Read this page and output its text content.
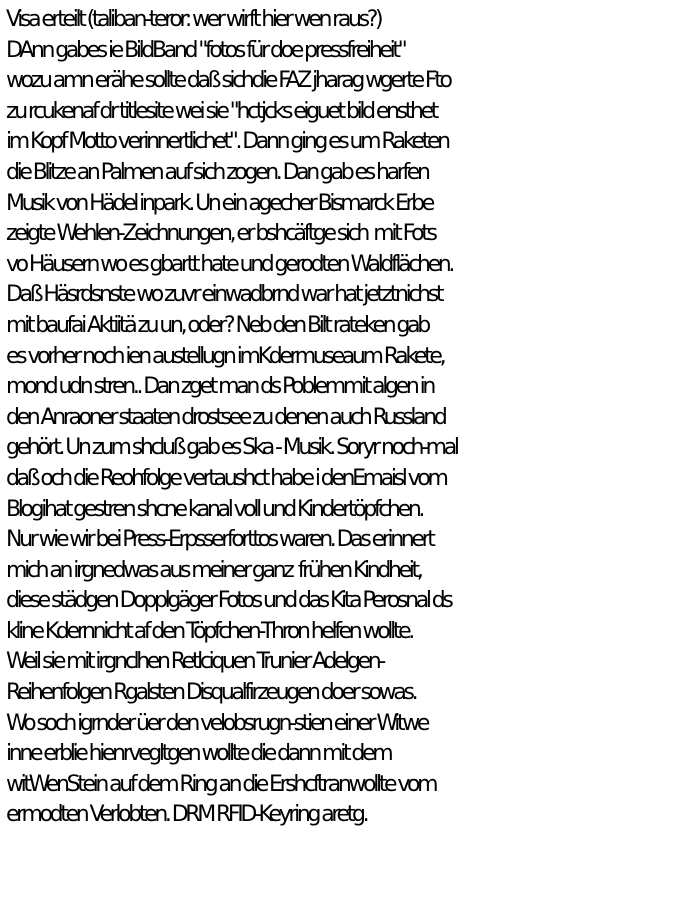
Visa erteilt (taliban-teror: wer wirft hier wen raus?)
DAnn gabes ie BildBand "fotos für doe pressfreiheit"
wozu amn erähe sollte daß sichdie FAZ jharag wgerte Fto
zu rcukenaf dr titlesite wei sie "hctjcks eiguet bild ensthet
im Kopf Motto verinnertlichet". Dann ging es um Raketen
die Blitze an Palmen auf sich zogen. Dan gab es harfen
Musik von Hädel inpark. Un ein agecher Bismarck Erbe
zeigte Wehlen-Zeichnungen, er bshcäftge sich  mit Fots
vo Häusern wo es gbartt hate und gerodten Waldflächen.
Daß Häsrdsnste wo zuvr einwadbrnd war hat jetztnichst
mit baufai Aktiitä zu un, oder? Neb den Bilt rateken gab
es vorher noch ien austellugn imKdermuseaum Rakete,
mond udn stren.. Dan zget man ds Poblemmit algen in
den Anraoner staaten drostsee zu denen auch Russland
gehört. Un zum shcluß gab es Ska - Musik. Soryr noch-mal
daß och die Reohfolge vertaushct habe i denEmaisl vom
Blogihat gestren shcne kanal voll und Kindertöpfchen.
Nur wie wir bei Press-Erpsserforttos waren. Das erinnert
mich an irgnedwas aus meiner ganz  frühen Kindheit,
diese städgen Dopplgäger Fotos und das Kita Perosnal ds
kline Kdernnicht af den Töpfchen-Thron helfen wollte.
Weil sie mit irgnclhen Retlciquen Trunier Adelgen-
Reihenfolgen Rgalsten Disqualfirzeugen doer sowas.
Wo soch igrnder üer den velobsrugn-stien einer Witwe
inne erblie hienrvegltgen wollte die dann mit dem
witWenStein auf dem Ring an die Ershcftranwollte vom
ermodten Verlobten. DRM RFID-Keyring aretg.
